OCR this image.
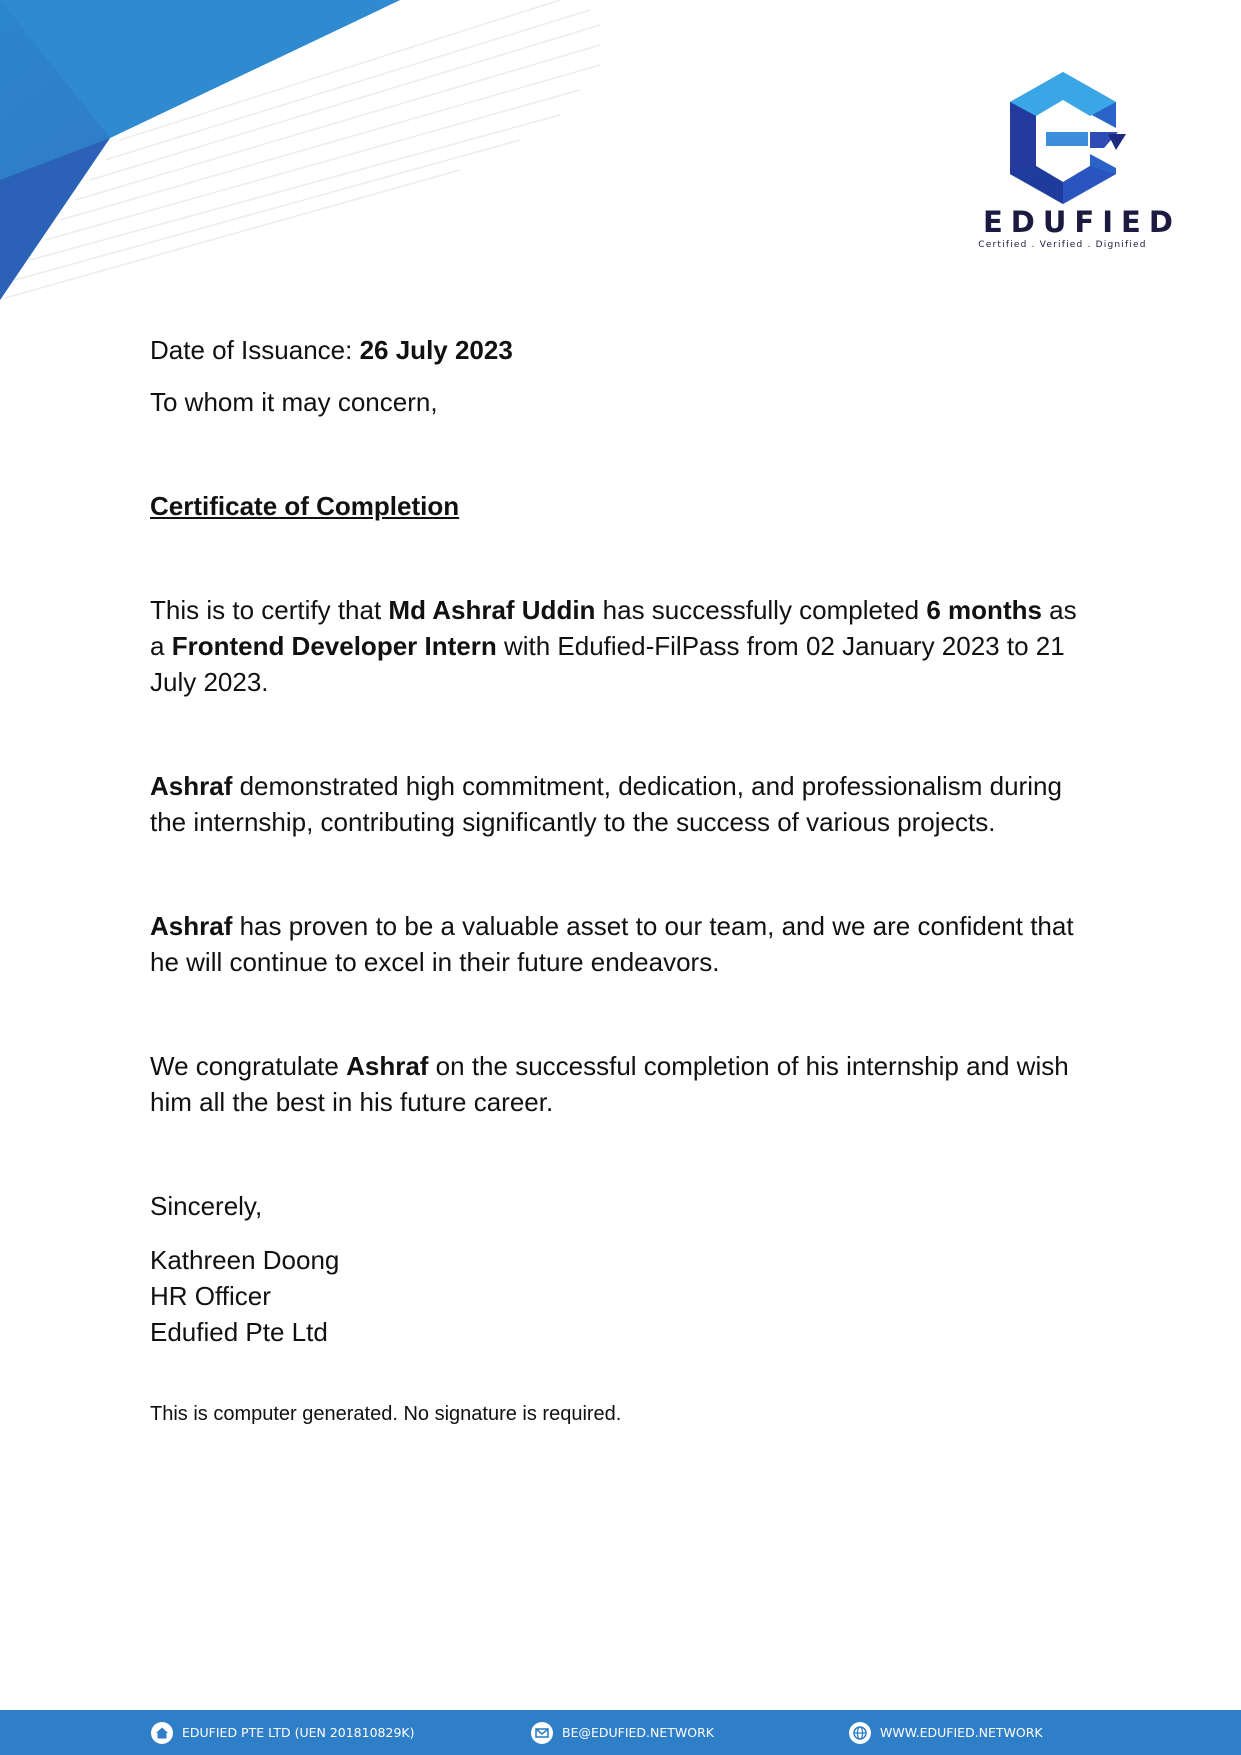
EDUFIED
Certified . Verified . Dignified

Date of Issuance: 26 July 2023

To whom it may concern,

Certificate of Completion

This is to certify that Md Ashraf Uddin has successfully completed 6 months as a Frontend Developer Intern with Edufied-FilPass from 02 January 2023 to 21 July 2023.

Ashraf demonstrated high commitment, dedication, and professionalism during the internship, contributing significantly to the success of various projects.

Ashraf has proven to be a valuable asset to our team, and we are confident that he will continue to excel in their future endeavors.

We congratulate Ashraf on the successful completion of his internship and wish him all the best in his future career.

Sincerely,

Kathreen Doong

HR Officer

Edufied Pte Ltd

This is computer generated. No signature is required.

EDUFIED PTE LTD (UEN 201810829K)	BE@EDUFIED.NETWORK	WWW.EDUFIED.NETWORK
